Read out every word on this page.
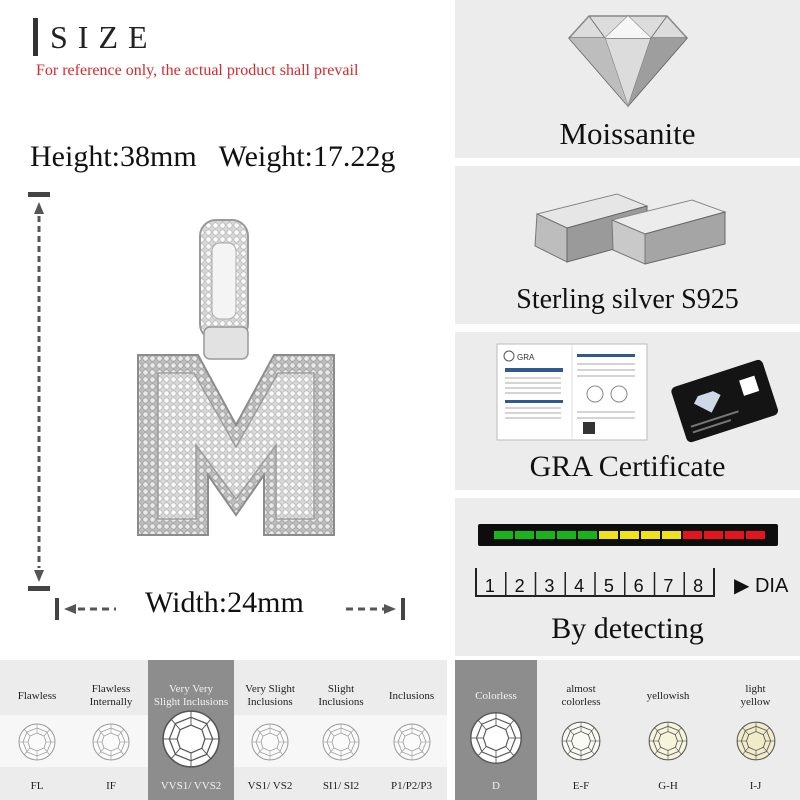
SIZE
For reference only, the actual product shall prevail
Height:38mm Weight:17.22g
Width:24mm
Moissanite
Sterling silver S925
GRA
GRA Certificate
1 2 3 4 5 6 7 8 ▶ DIA
By detecting
Flawless
FL
Flawless
Internally
IF
Very Very
Slight Inclusions
VVS1/ VVS2
Very Slight
Inclusions
VS1/ VS2
Slight
Inclusions
SI1/ SI2
Inclusions
P1/P2/P3
Colorless
D
almost
colorless
E-F
yellowish
G-H
light
yellow
I-J
